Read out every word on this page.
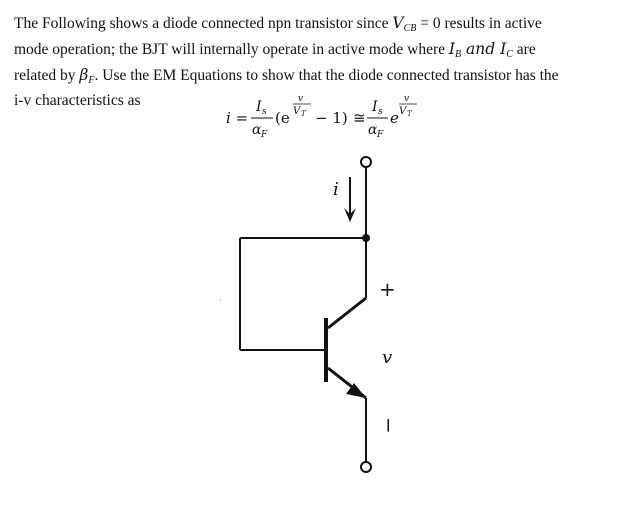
The Following shows a diode connected npn transistor since $V_{CB} = 0$ results in active

mode operation; the BJT will internally operate in active mode where $I_B$ and $I_C$ are

related by $\beta_F$. Use the EM Equations to show that the diode connected transistor has the

i-v characteristics as

i =
I s
α F
(e
v
V T − 1) ≅
I s
α F
e
v
V T
i
+
v
−
